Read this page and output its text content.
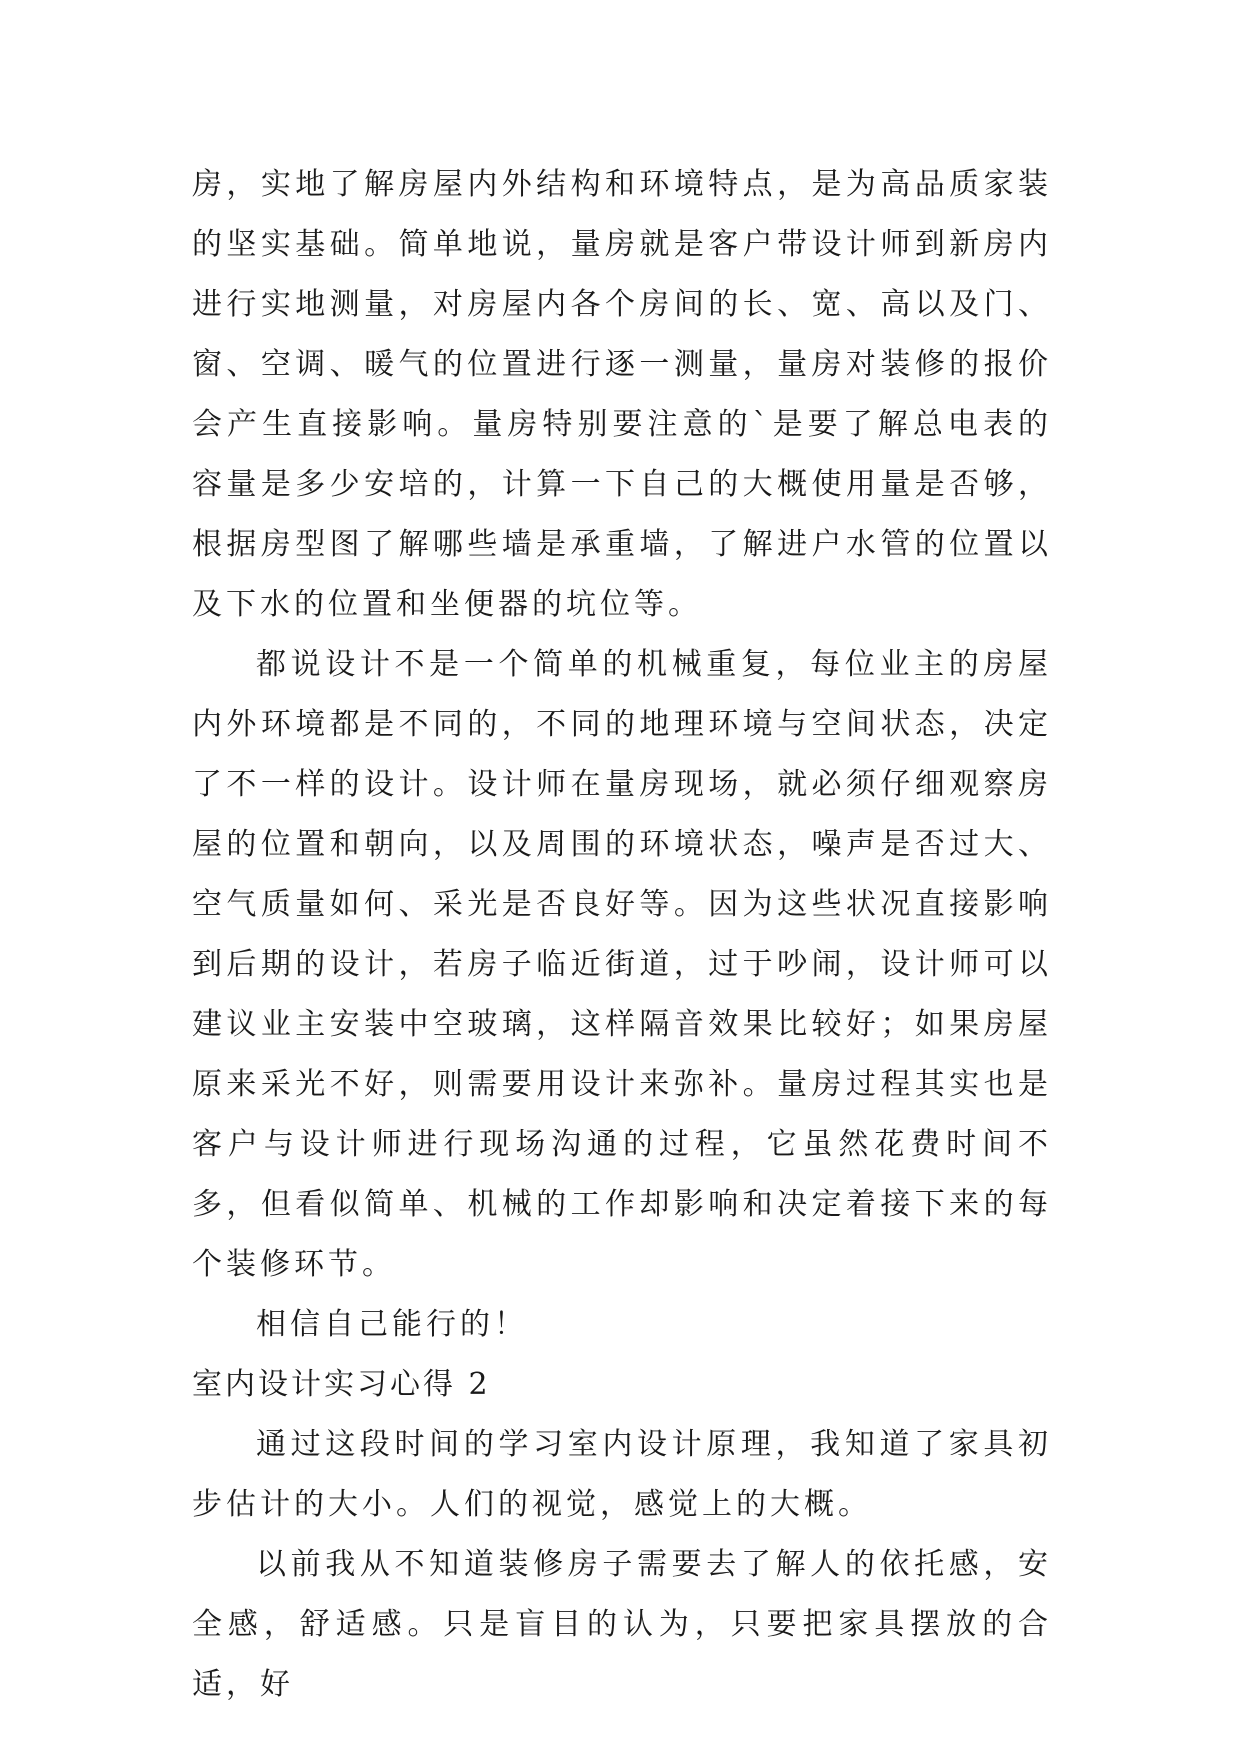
房，实地了解房屋内外结构和环境特点，是为高品质家装的坚实基础。简单地说，量房就是客户带设计师到新房内进行实地测量，对房屋内各个房间的长、宽、高以及门、窗、空调、暖气的位置进行逐一测量，量房对装修的报价会产生直接影响。量房特别要注意的`是要了解总电表的容量是多少安培的，计算一下自己的大概使用量是否够，根据房型图了解哪些墙是承重墙，了解进户水管的位置以及下水的位置和坐便器的坑位等。

都说设计不是一个简单的机械重复，每位业主的房屋内外环境都是不同的，不同的地理环境与空间状态，决定了不一样的设计。设计师在量房现场，就必须仔细观察房屋的位置和朝向，以及周围的环境状态，噪声是否过大、空气质量如何、采光是否良好等。因为这些状况直接影响到后期的设计，若房子临近街道，过于吵闹，设计师可以建议业主安装中空玻璃，这样隔音效果比较好；如果房屋原来采光不好，则需要用设计来弥补。量房过程其实也是客户与设计师进行现场沟通的过程，它虽然花费时间不多，但看似简单、机械的工作却影响和决定着接下来的每个装修环节。

相信自己能行的！

室内设计实习心得 2

通过这段时间的学习室内设计原理，我知道了家具初步估计的大小。人们的视觉，感觉上的大概。

以前我从不知道装修房子需要去了解人的依托感，安全感，舒适感。只是盲目的认为，只要把家具摆放的合适，好
